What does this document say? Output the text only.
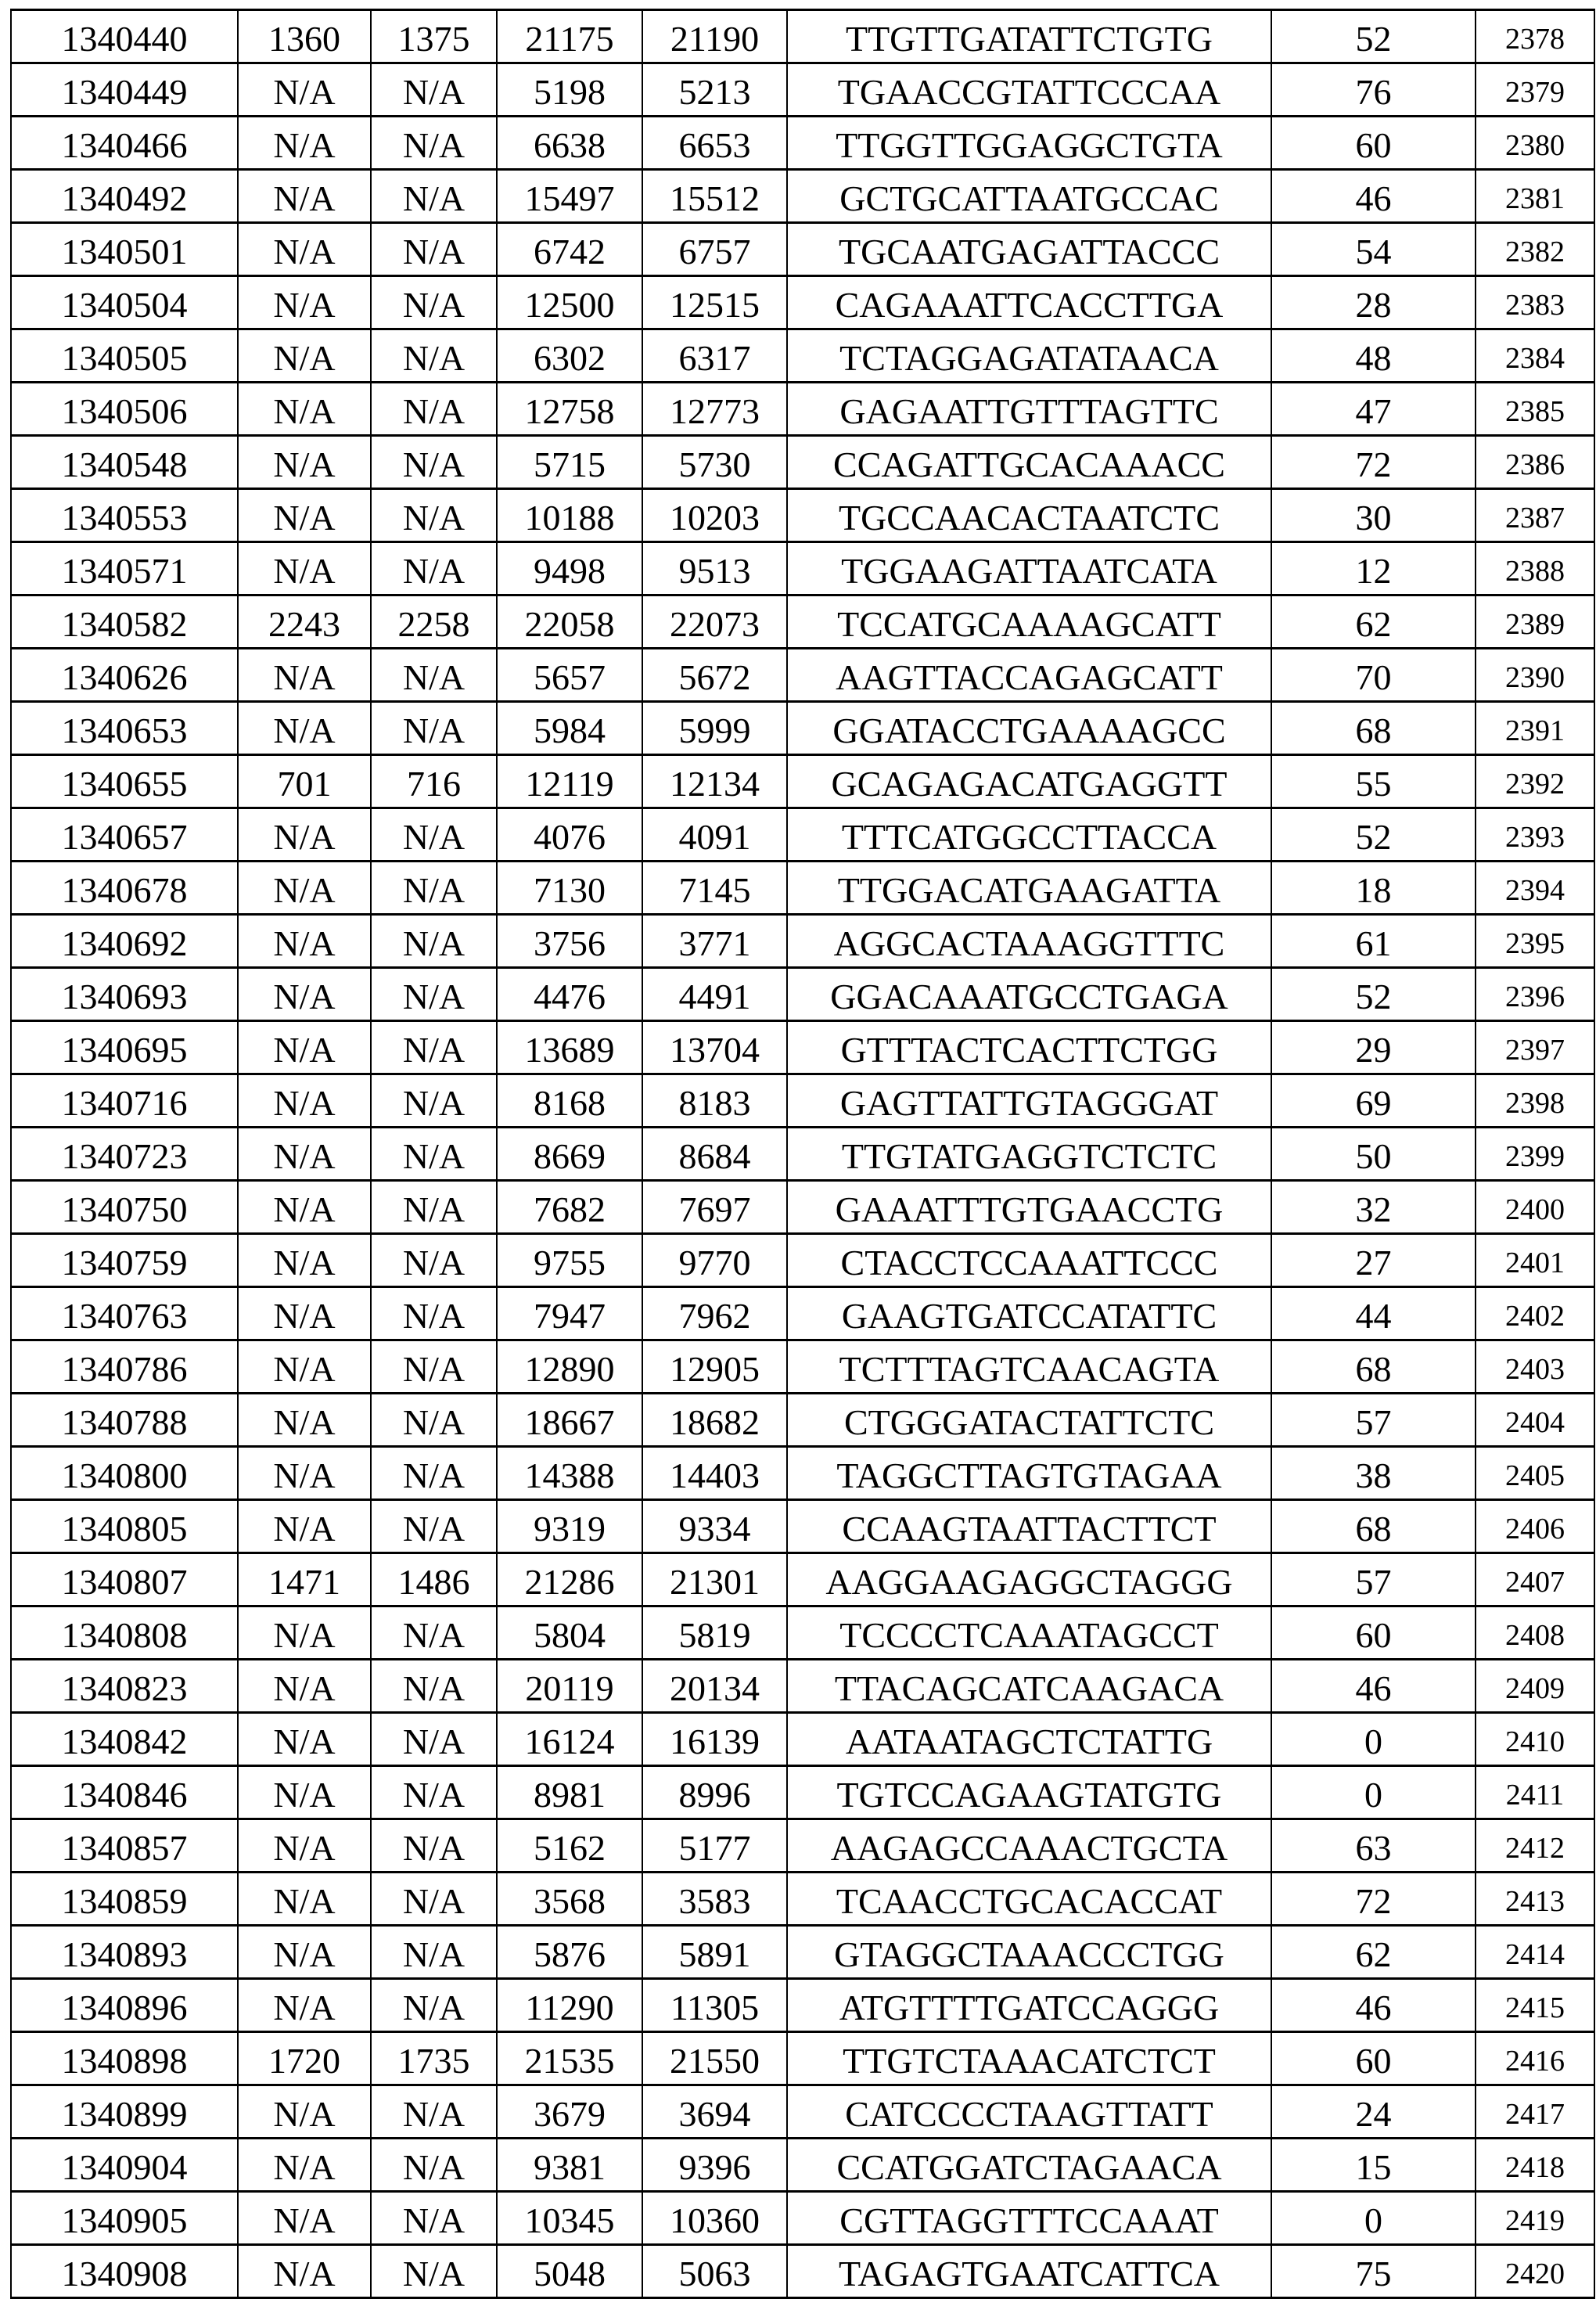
1340440	1360	1375	21175	21190	TTGTTGATATTCTGTG	52	2378
1340449	N/A	N/A	5198	5213	TGAACCGTATTCCCAA	76	2379
1340466	N/A	N/A	6638	6653	TTGGTTGGAGGCTGTA	60	2380
1340492	N/A	N/A	15497	15512	GCTGCATTAATGCCAC	46	2381
1340501	N/A	N/A	6742	6757	TGCAATGAGATTACCC	54	2382
1340504	N/A	N/A	12500	12515	CAGAAATTCACCTTGA	28	2383
1340505	N/A	N/A	6302	6317	TCTAGGAGATATAACA	48	2384
1340506	N/A	N/A	12758	12773	GAGAATTGTTTAGTTC	47	2385
1340548	N/A	N/A	5715	5730	CCAGATTGCACAAACC	72	2386
1340553	N/A	N/A	10188	10203	TGCCAACACTAATCTC	30	2387
1340571	N/A	N/A	9498	9513	TGGAAGATTAATCATA	12	2388
1340582	2243	2258	22058	22073	TCCATGCAAAAGCATT	62	2389
1340626	N/A	N/A	5657	5672	AAGTTACCAGAGCATT	70	2390
1340653	N/A	N/A	5984	5999	GGATACCTGAAAAGCC	68	2391
1340655	701	716	12119	12134	GCAGAGACATGAGGTT	55	2392
1340657	N/A	N/A	4076	4091	TTTCATGGCCTTACCA	52	2393
1340678	N/A	N/A	7130	7145	TTGGACATGAAGATTA	18	2394
1340692	N/A	N/A	3756	3771	AGGCACTAAAGGTTTC	61	2395
1340693	N/A	N/A	4476	4491	GGACAAATGCCTGAGA	52	2396
1340695	N/A	N/A	13689	13704	GTTTACTCACTTCTGG	29	2397
1340716	N/A	N/A	8168	8183	GAGTTATTGTAGGGAT	69	2398
1340723	N/A	N/A	8669	8684	TTGTATGAGGTCTCTC	50	2399
1340750	N/A	N/A	7682	7697	GAAATTTGTGAACCTG	32	2400
1340759	N/A	N/A	9755	9770	CTACCTCCAAATTCCC	27	2401
1340763	N/A	N/A	7947	7962	GAAGTGATCCATATTC	44	2402
1340786	N/A	N/A	12890	12905	TCTTTAGTCAACAGTA	68	2403
1340788	N/A	N/A	18667	18682	CTGGGATACTATTCTC	57	2404
1340800	N/A	N/A	14388	14403	TAGGCTTAGTGTAGAA	38	2405
1340805	N/A	N/A	9319	9334	CCAAGTAATTACTTCT	68	2406
1340807	1471	1486	21286	21301	AAGGAAGAGGCTAGGG	57	2407
1340808	N/A	N/A	5804	5819	TCCCCTCAAATAGCCT	60	2408
1340823	N/A	N/A	20119	20134	TTACAGCATCAAGACA	46	2409
1340842	N/A	N/A	16124	16139	AATAATAGCTCTATTG	0	2410
1340846	N/A	N/A	8981	8996	TGTCCAGAAGTATGTG	0	2411
1340857	N/A	N/A	5162	5177	AAGAGCCAAACTGCTA	63	2412
1340859	N/A	N/A	3568	3583	TCAACCTGCACACCAT	72	2413
1340893	N/A	N/A	5876	5891	GTAGGCTAAACCCTGG	62	2414
1340896	N/A	N/A	11290	11305	ATGTTTTGATCCAGGG	46	2415
1340898	1720	1735	21535	21550	TTGTCTAAACATCTCT	60	2416
1340899	N/A	N/A	3679	3694	CATCCCCTAAGTTATT	24	2417
1340904	N/A	N/A	9381	9396	CCATGGATCTAGAACA	15	2418
1340905	N/A	N/A	10345	10360	CGTTAGGTTTCCAAAT	0	2419
1340908	N/A	N/A	5048	5063	TAGAGTGAATCATTCA	75	2420
